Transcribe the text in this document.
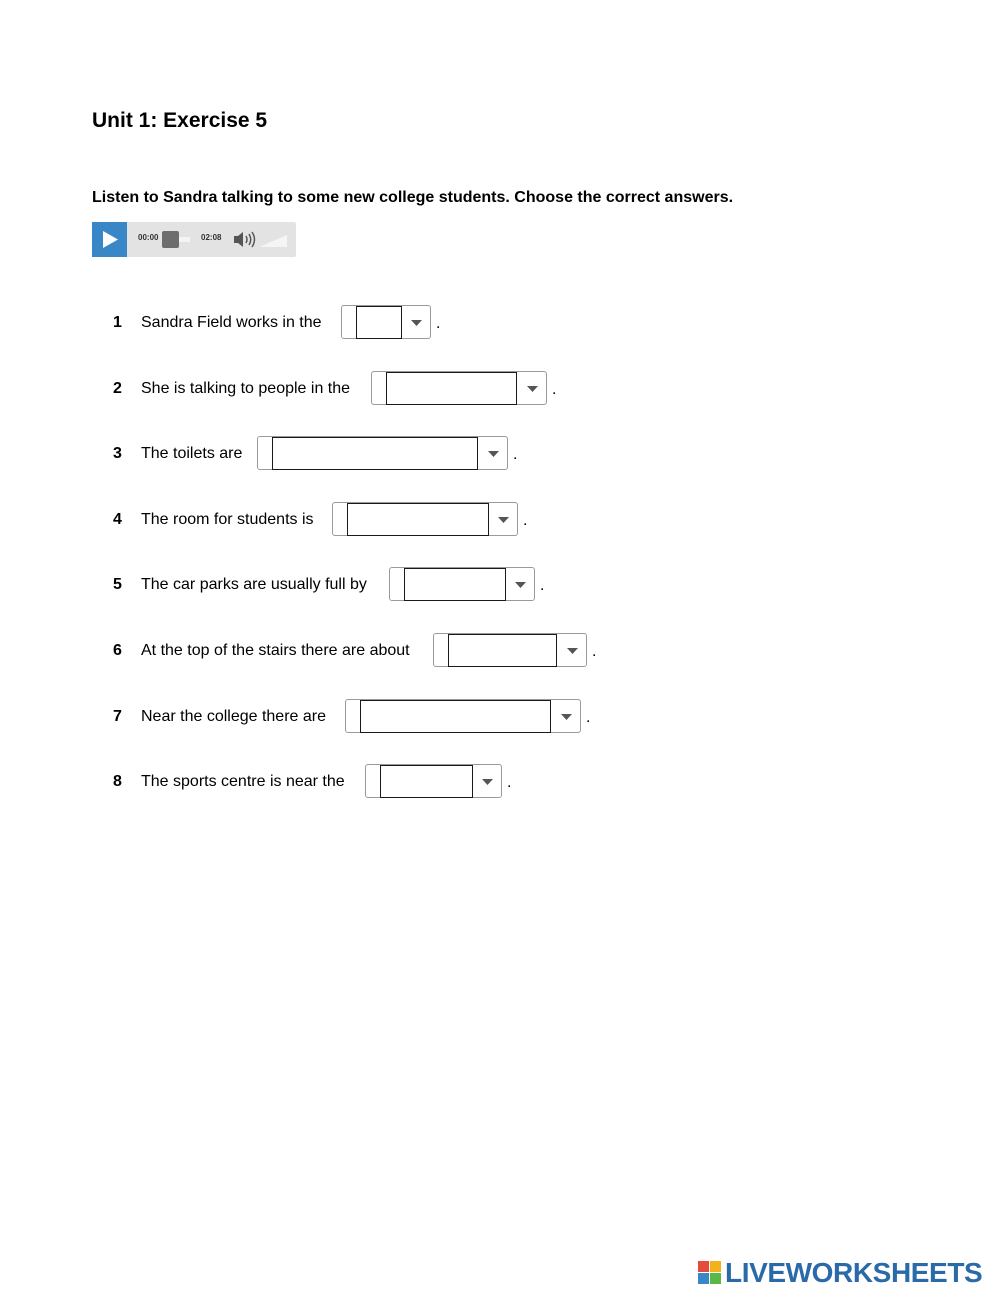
Unit 1: Exercise 5

Listen to Sandra talking to some new college students. Choose the correct answers.

00:00	02:08
1 Sandra Field works in the	.
2 She is talking to people in the	.
3 The toilets are	.
4 The room for students is	.
5 The car parks are usually full by	.
6 At the top of the stairs there are about	.
7 Near the college there are	.
8 The sports centre is near the	.
LIVEWORKSHEETS
